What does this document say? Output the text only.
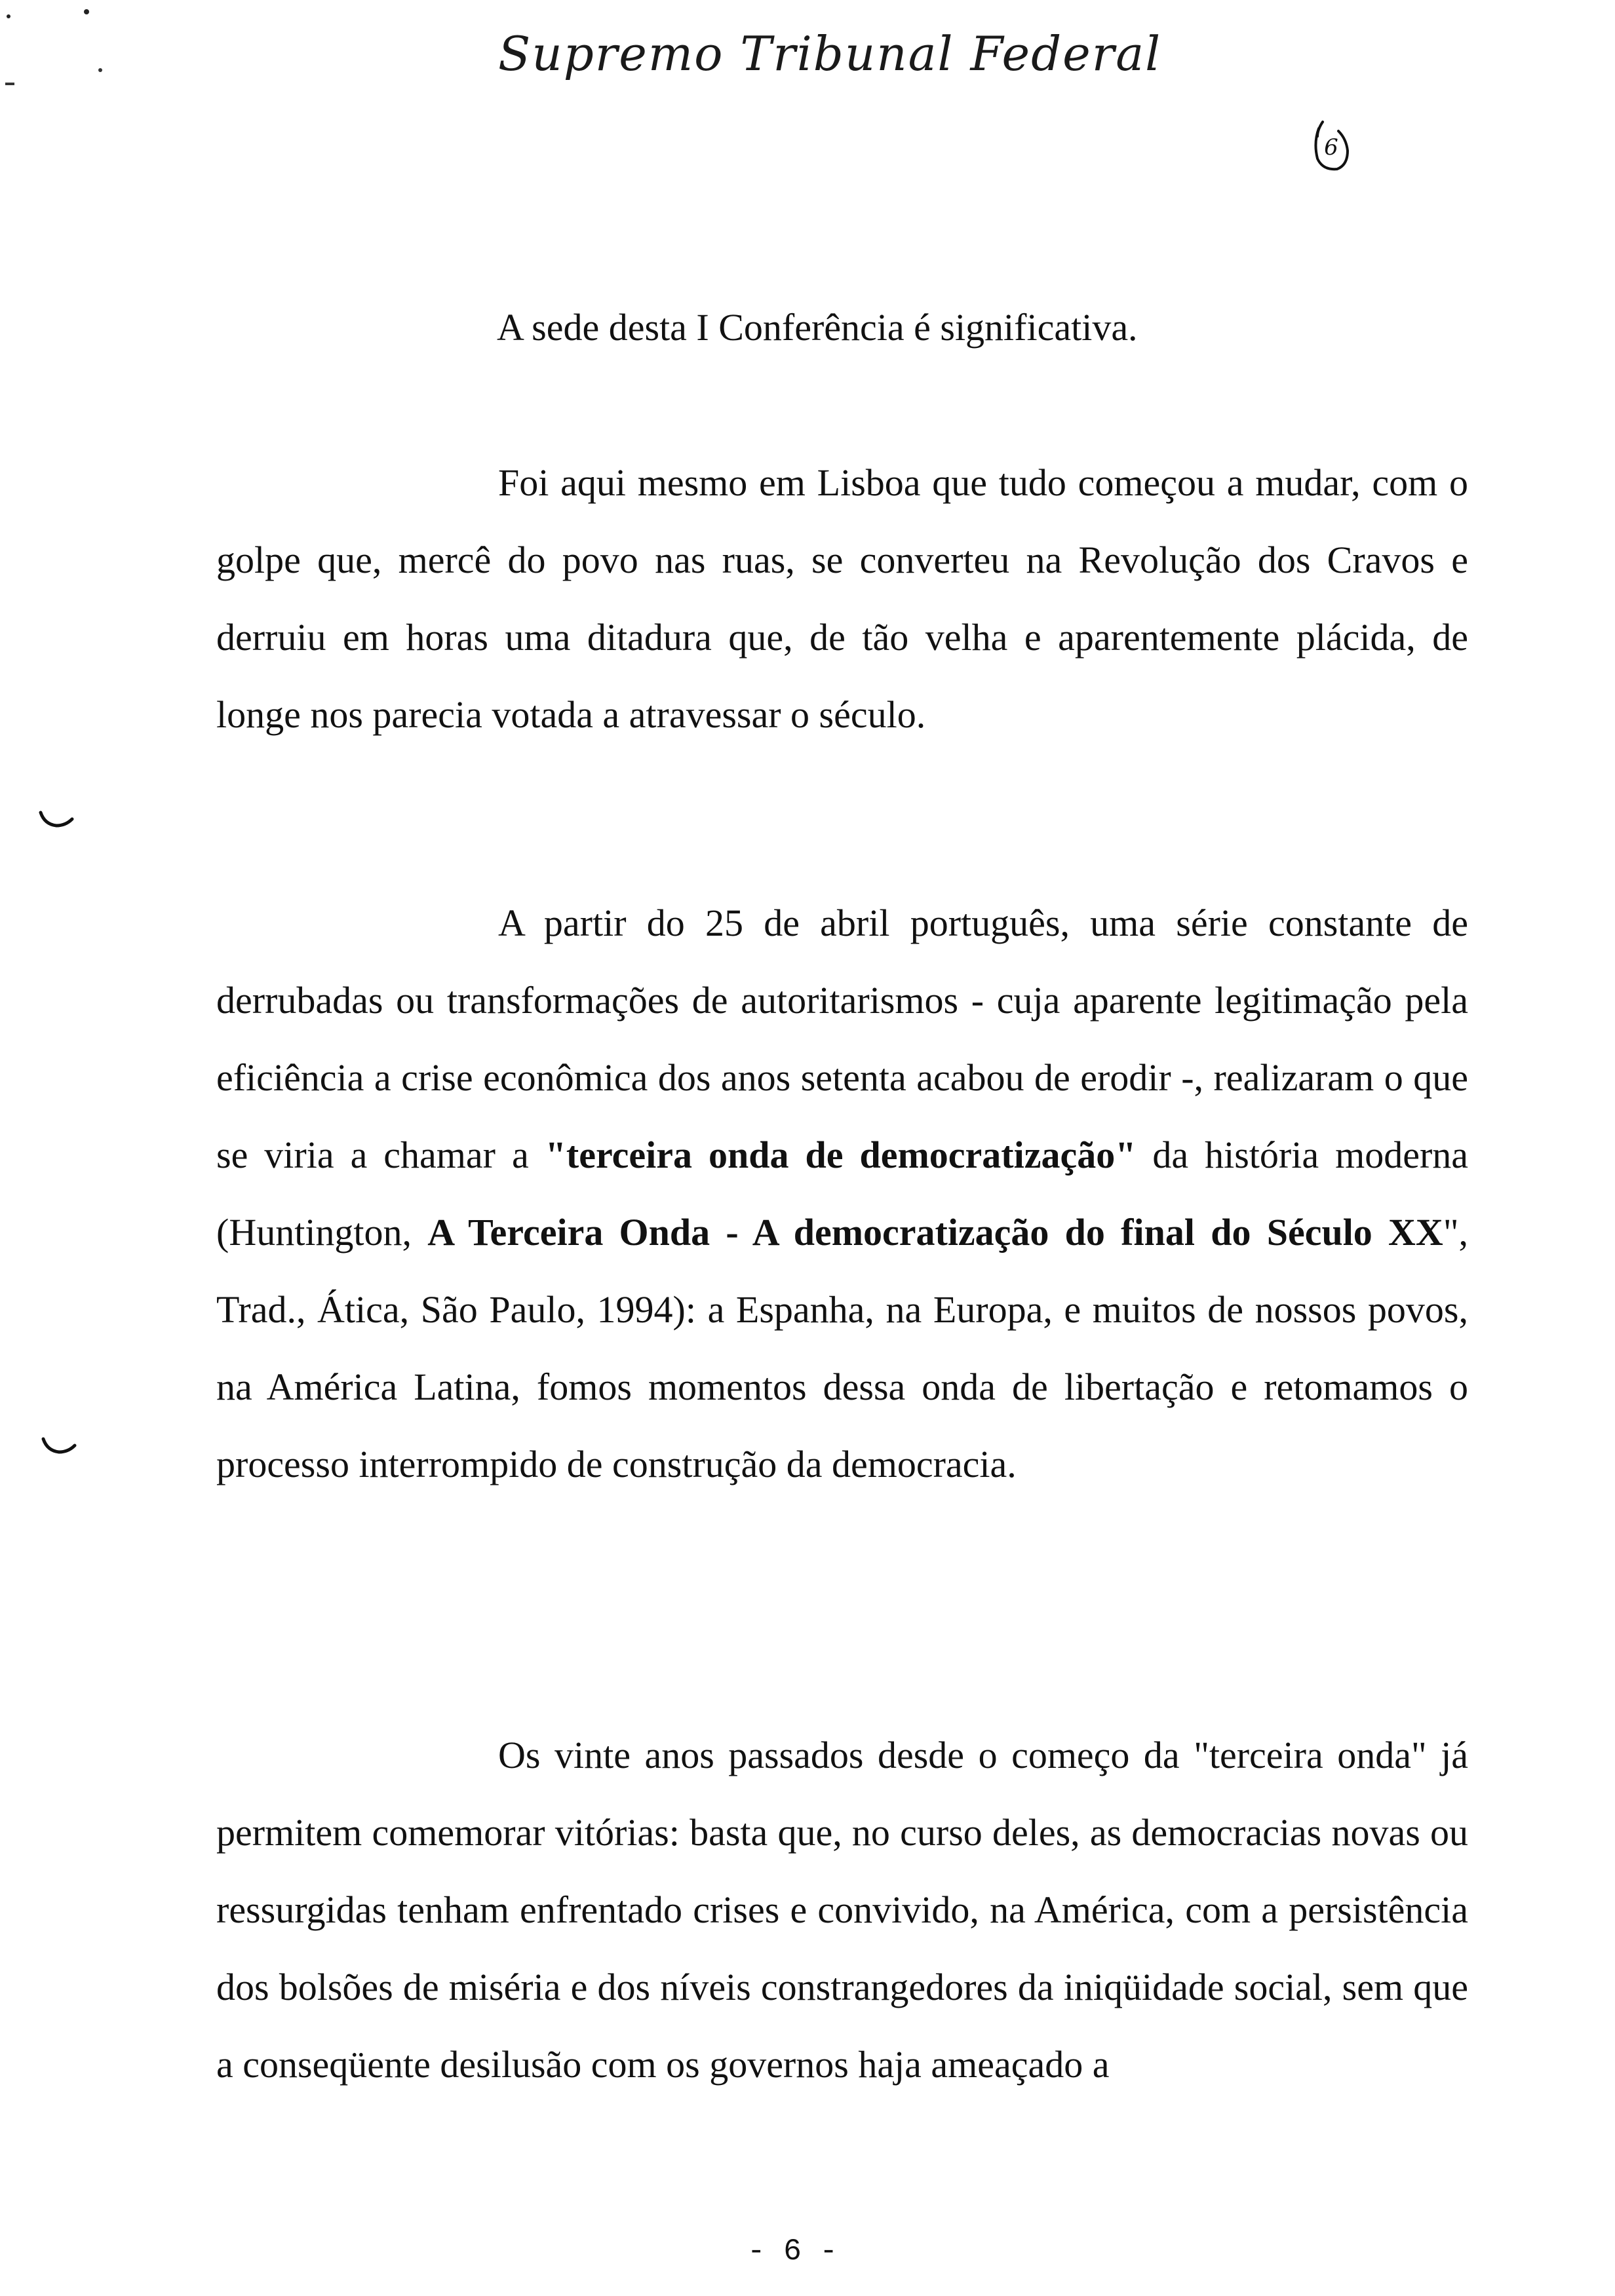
Supremo Tribunal Federal
6
A sede desta I Conferência é significativa.
Foi aqui mesmo em Lisboa que tudo começou a mudar, com o golpe que, mercê do povo nas ruas, se converteu na Revolução dos Cravos e derruiu em horas uma ditadura que, de tão velha e aparentemente plácida, de longe nos parecia votada a atravessar o século.
A partir do 25 de abril português, uma série constante de derrubadas ou transformações de autoritarismos - cuja aparente legitimação pela eficiência a crise econômica dos anos setenta acabou de erodir -, realizaram o que se viria a chamar a "terceira onda de democratização" da história moderna (Huntington, A Terceira Onda - A democratização do final do Século XX", Trad., Ática, São Paulo, 1994): a Espanha, na Europa, e muitos de nossos povos, na América Latina, fomos momentos dessa onda de libertação e retomamos o processo interrompido de construção da democracia.
Os vinte anos passados desde o começo da "terceira onda" já permitem comemorar vitórias: basta que, no curso deles, as democracias novas ou ressurgidas tenham enfrentado crises e convivido, na América, com a persistência dos bolsões de miséria e dos níveis constrangedores da iniqüidade social, sem que a conseqüente desilusão com os governos haja ameaçado a
- 6 -
